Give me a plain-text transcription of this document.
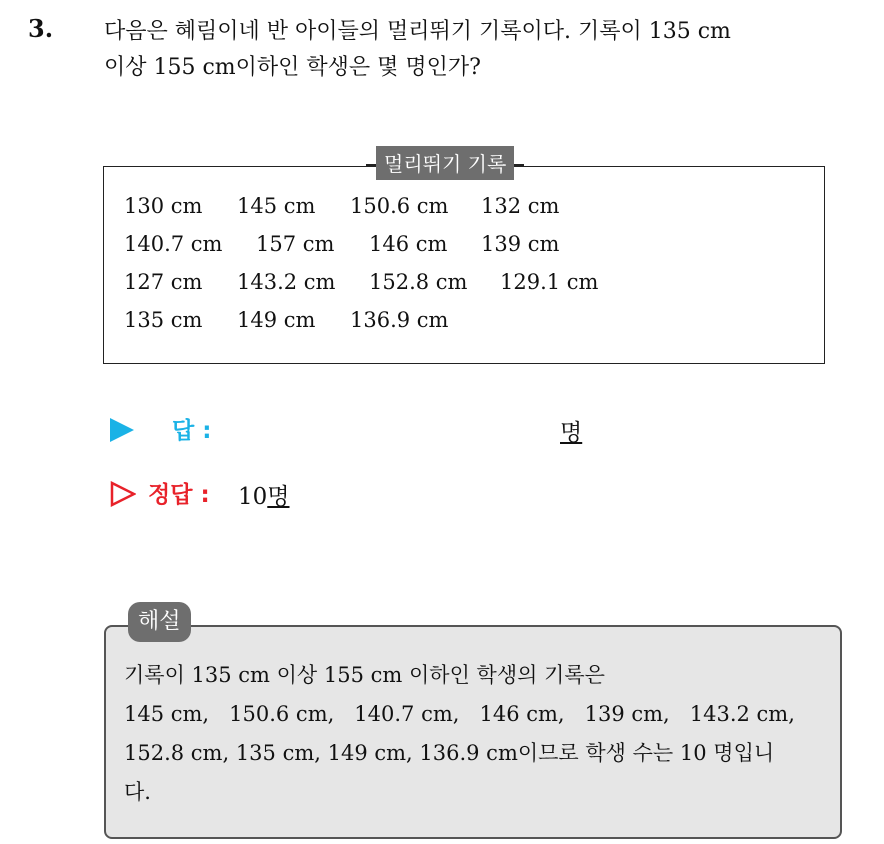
3. 다음은 혜림이네 반 아이들의 멀리뛰기 기록이다. 기록이 135 cm
이상 155 cm이하인 학생은 몇 명인가?
멀리뛰기 기록
130 cm 145 cm 150.6 cm 132 cm
140.7 cm 157 cm 146 cm 139 cm
127 cm 143.2 cm 152.8 cm 129.1 cm
135 cm 149 cm 136.9 cm
답 :	명
정답 : 10명
해설
기록이 135 cm 이상 155 cm 이하인 학생의 기록은
145 cm,   150.6 cm,   140.7 cm,   146 cm,   139 cm,   143.2 cm,
152.8 cm, 135 cm, 149 cm, 136.9 cm이므로 학생 수는 10 명입니
다.
